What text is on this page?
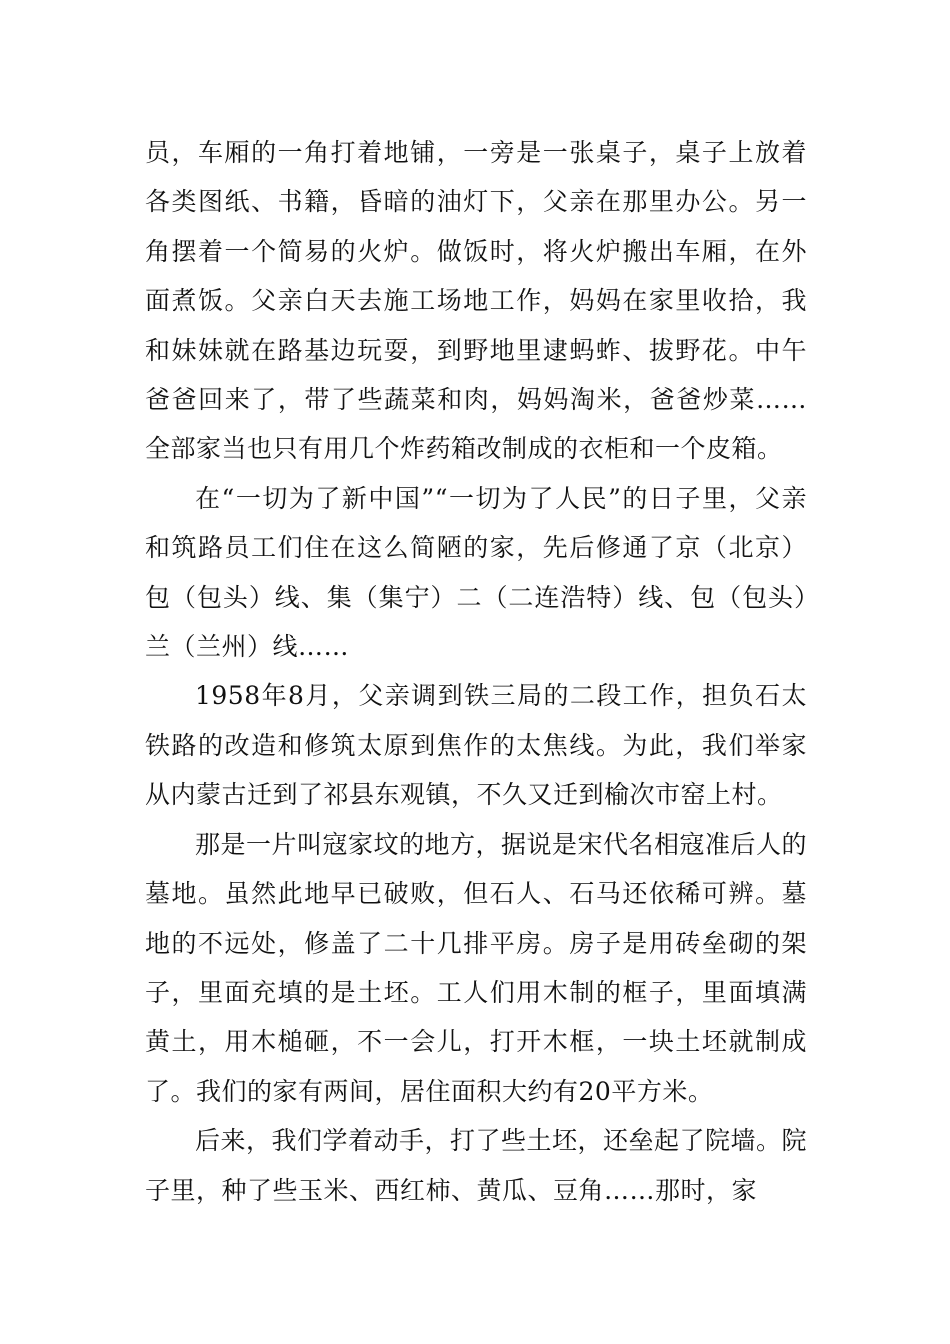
员，车厢的一角打着地铺，一旁是一张桌子，桌子上放着各类图纸、书籍，昏暗的油灯下，父亲在那里办公。另一角摆着一个简易的火炉。做饭时，将火炉搬出车厢，在外面煮饭。父亲白天去施工场地工作，妈妈在家里收拾，我和妹妹就在路基边玩耍，到野地里逮蚂蚱、拔野花。中午爸爸回来了，带了些蔬菜和肉，妈妈淘米，爸爸炒菜……全部家当也只有用几个炸药箱改制成的衣柜和一个皮箱。

在“一切为了新中国”“一切为了人民”的日子里，父亲和筑路员工们住在这么简陋的家，先后修通了京（北京）包（包头）线、集（集宁）二（二连浩特）线、包（包头）兰（兰州）线……

1958年8月，父亲调到铁三局的二段工作，担负石太铁路的改造和修筑太原到焦作的太焦线。为此，我们举家从内蒙古迁到了祁县东观镇，不久又迁到榆次市窑上村。

那是一片叫寇家坟的地方，据说是宋代名相寇准后人的墓地。虽然此地早已破败，但石人、石马还依稀可辨。墓地的不远处，修盖了二十几排平房。房子是用砖垒砌的架子，里面充填的是土坯。工人们用木制的框子，里面填满黄土，用木槌砸，不一会儿，打开木框，一块土坯就制成了。我们的家有两间，居住面积大约有20平方米。

后来，我们学着动手，打了些土坯，还垒起了院墙。院子里，种了些玉米、西红柿、黄瓜、豆角……那时，家
